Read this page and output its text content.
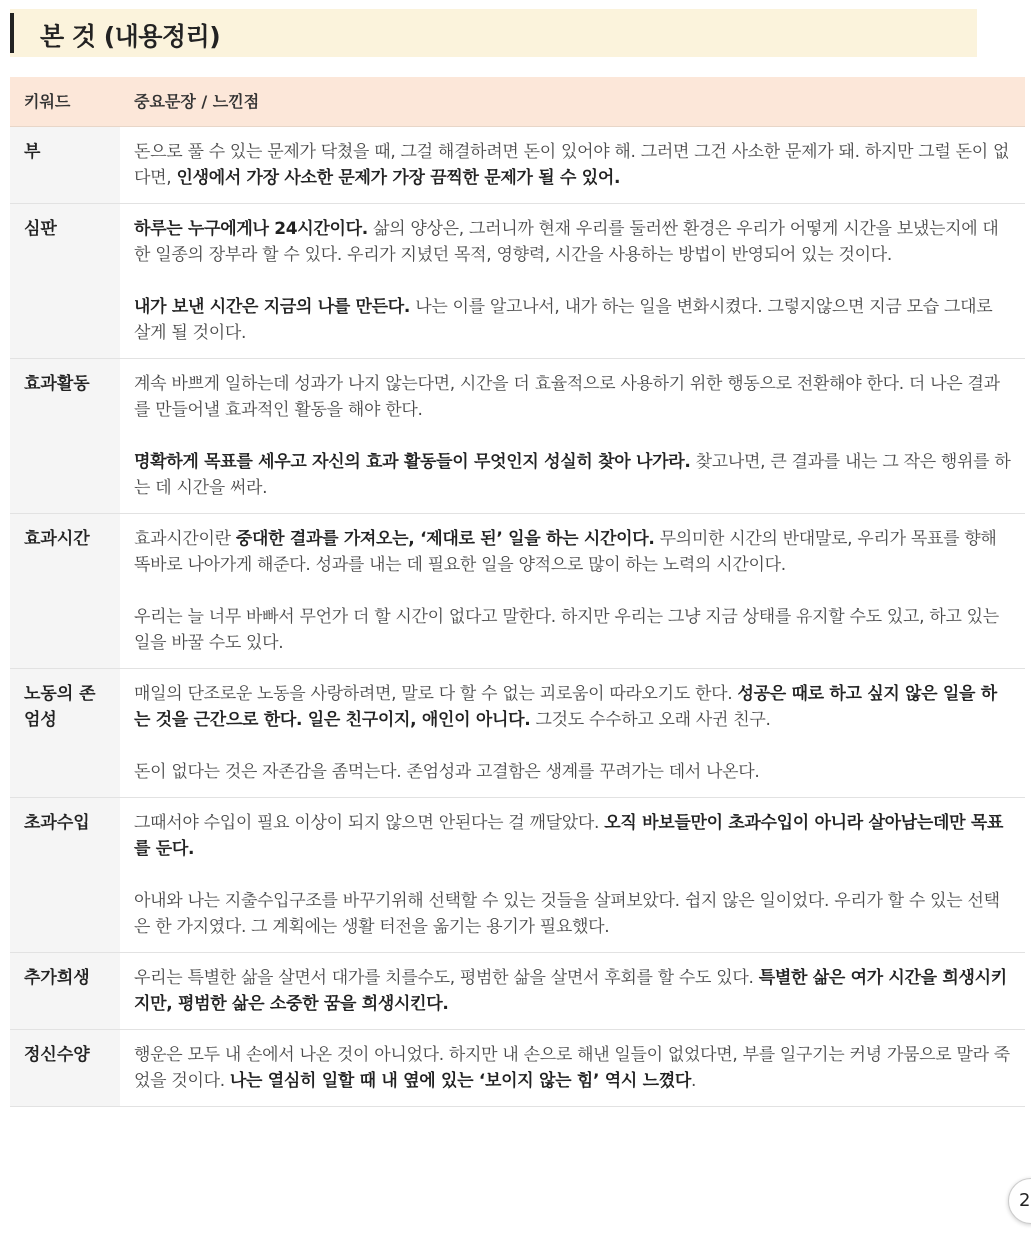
본 것 (내용정리)
키워드	중요문장 / 느낀점
부	돈으로 풀 수 있는 문제가 닥쳤을 때, 그걸 해결하려면 돈이 있어야 해. 그러면 그건 사소한 문제가 돼. 하지만 그럴 돈이 없다면, 인생에서 가장 사소한 문제가 가장 끔찍한 문제가 될 수 있어.

심판	하루는 누구에게나 24시간이다. 삶의 양상은, 그러니까 현재 우리를 둘러싼 환경은 우리가 어떻게 시간을 보냈는지에 대한 일종의 장부라 할 수 있다. 우리가 지녔던 목적, 영향력, 시간을 사용하는 방법이 반영되어 있는 것이다.

내가 보낸 시간은 지금의 나를 만든다. 나는 이를 알고나서, 내가 하는 일을 변화시켰다. 그렇지않으면 지금 모습 그대로 살게 될 것이다.

효과활동	계속 바쁘게 일하는데 성과가 나지 않는다면, 시간을 더 효율적으로 사용하기 위한 행동으로 전환해야 한다. 더 나은 결과를 만들어낼 효과적인 활동을 해야 한다.

명확하게 목표를 세우고 자신의 효과 활동들이 무엇인지 성실히 찾아 나가라. 찾고나면, 큰 결과를 내는 그 작은 행위를 하는 데 시간을 써라.

효과시간	효과시간이란 중대한 결과를 가져오는, ‘제대로 된’ 일을 하는 시간이다. 무의미한 시간의 반대말로, 우리가 목표를 향해 똑바로 나아가게 해준다. 성과를 내는 데 필요한 일을 양적으로 많이 하는 노력의 시간이다.

우리는 늘 너무 바빠서 무언가 더 할 시간이 없다고 말한다. 하지만 우리는 그냥 지금 상태를 유지할 수도 있고, 하고 있는 일을 바꿀 수도 있다.

노동의 존엄성	매일의 단조로운 노동을 사랑하려면, 말로 다 할 수 없는 괴로움이 따라오기도 한다. 성공은 때로 하고 싶지 않은 일을 하는 것을 근간으로 한다. 일은 친구이지, 애인이 아니다. 그것도 수수하고 오래 사귄 친구.

돈이 없다는 것은 자존감을 좀먹는다. 존엄성과 고결함은 생계를 꾸려가는 데서 나온다.

초과수입	그때서야 수입이 필요 이상이 되지 않으면 안된다는 걸 깨달았다. 오직 바보들만이 초과수입이 아니라 살아남는데만 목표를 둔다.

아내와 나는 지출수입구조를 바꾸기위해 선택할 수 있는 것들을 살펴보았다. 쉽지 않은 일이었다. 우리가 할 수 있는 선택은 한 가지였다. 그 계획에는 생활 터전을 옮기는 용기가 필요했다.

추가희생	우리는 특별한 삶을 살면서 대가를 치를수도, 평범한 삶을 살면서 후회를 할 수도 있다. 특별한 삶은 여가 시간을 희생시키지만, 평범한 삶은 소중한 꿈을 희생시킨다.

정신수양	행운은 모두 내 손에서 나온 것이 아니었다. 하지만 내 손으로 해낸 일들이 없었다면, 부를 일구기는 커녕 가뭄으로 말라 죽었을 것이다. 나는 열심히 일할 때 내 옆에 있는 ‘보이지 않는 힘’ 역시 느꼈다.

2
